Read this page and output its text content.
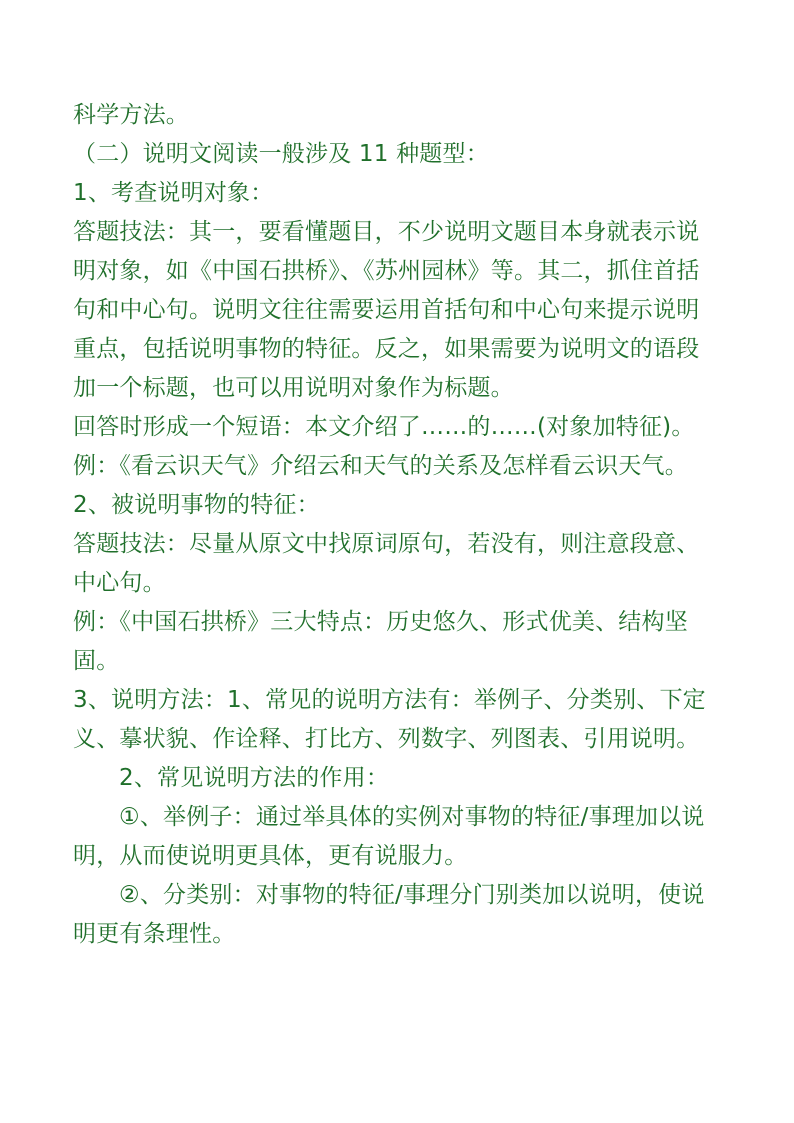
科学方法。
（二）说明文阅读一般涉及 11 种题型：
1、考查说明对象：
答题技法：其一，要看懂题目，不少说明文题目本身就表示说
明对象，如《中国石拱桥》、《苏州园林》等。其二，抓住首括
句和中心句。说明文往往需要运用首括句和中心句来提示说明
重点，包括说明事物的特征。反之，如果需要为说明文的语段
加一个标题，也可以用说明对象作为标题。
回答时形成一个短语：本文介绍了……的……(对象加特征)。
例：《看云识天气》介绍云和天气的关系及怎样看云识天气。
2、被说明事物的特征：
答题技法：尽量从原文中找原词原句，若没有，则注意段意、
中心句。
例：《中国石拱桥》三大特点：历史悠久、形式优美、结构坚
固。
3、说明方法：1、常见的说明方法有：举例子、分类别、下定
义、摹状貌、作诠释、打比方、列数字、列图表、引用说明。
2、常见说明方法的作用：
①、举例子：通过举具体的实例对事物的特征/事理加以说
明，从而使说明更具体，更有说服力。
②、分类别：对事物的特征/事理分门别类加以说明，使说
明更有条理性。
